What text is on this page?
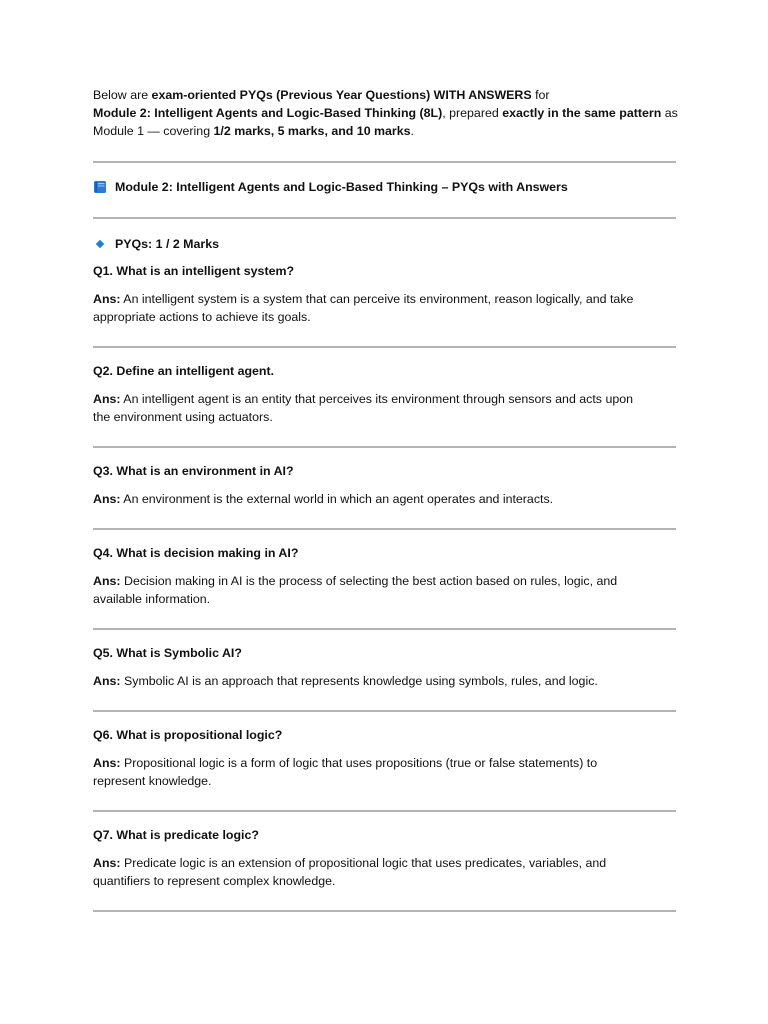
Below are exam-oriented PYQs (Previous Year Questions) WITH ANSWERS for
Module 2: Intelligent Agents and Logic-Based Thinking (8L), prepared exactly in the same pattern as
Module 1 — covering 1/2 marks, 5 marks, and 10 marks.
Module 2: Intelligent Agents and Logic-Based Thinking – PYQs with Answers
PYQs: 1 / 2 Marks
Q1. What is an intelligent system?
Ans: An intelligent system is a system that can perceive its environment, reason logically, and take
appropriate actions to achieve its goals.
Q2. Define an intelligent agent.
Ans: An intelligent agent is an entity that perceives its environment through sensors and acts upon
the environment using actuators.
Q3. What is an environment in AI?
Ans: An environment is the external world in which an agent operates and interacts.
Q4. What is decision making in AI?
Ans: Decision making in AI is the process of selecting the best action based on rules, logic, and
available information.
Q5. What is Symbolic AI?
Ans: Symbolic AI is an approach that represents knowledge using symbols, rules, and logic.
Q6. What is propositional logic?
Ans: Propositional logic is a form of logic that uses propositions (true or false statements) to
represent knowledge.
Q7. What is predicate logic?
Ans: Predicate logic is an extension of propositional logic that uses predicates, variables, and
quantifiers to represent complex knowledge.
